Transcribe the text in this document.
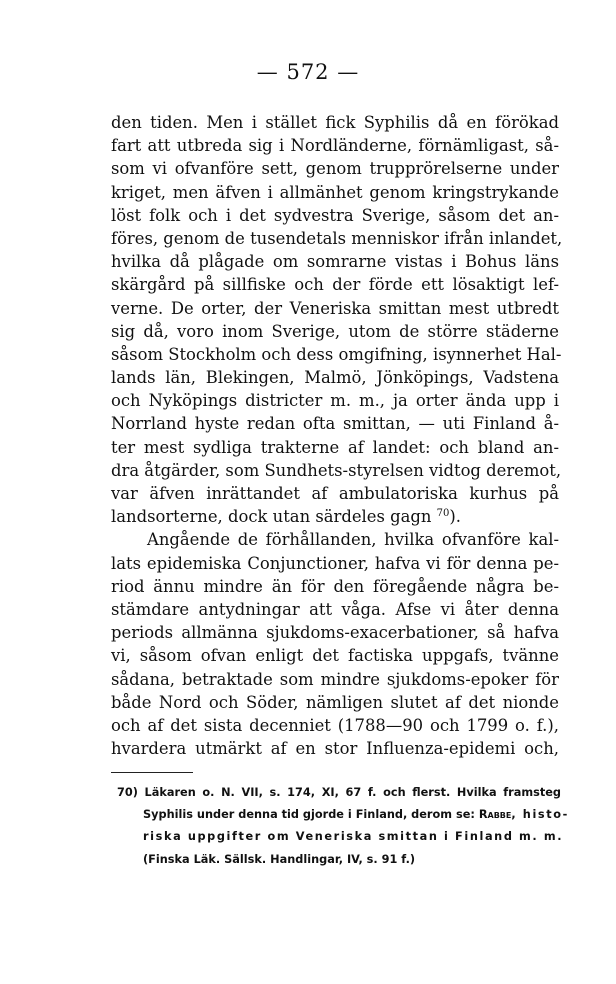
— 572 —
den tiden. Men i stället fick Syphilis då en förökad
fart att utbreda sig i Nordländerne, förnämligast, så-
som vi ofvanföre sett, genom trupprörelserne under
kriget, men äfven i allmänhet genom kringstrykande
löst folk och i det sydvestra Sverige, såsom det an-
föres, genom de tusendetals menniskor ifrån inlandet,
hvilka då plågade om somrarne vistas i Bohus läns
skärgård på sillfiske och der förde ett lösaktigt lef-
verne. De orter, der Veneriska smittan mest utbredt
sig då, voro inom Sverige, utom de större städerne
såsom Stockholm och dess omgifning, isynnerhet Hal-
lands län, Blekingen, Malmö, Jönköpings, Vadstena
och Nyköpings districter m. m., ja orter ända upp i
Norrland hyste redan ofta smittan, — uti Finland å-
ter mest sydliga trakterne af landet: och bland an-
dra åtgärder, som Sundhets-styrelsen vidtog deremot,
var äfven inrättandet af ambulatoriska kurhus på
landsorterne, dock utan särdeles gagn $^{70}$).
Angående de förhållanden, hvilka ofvanföre kal-
lats epidemiska Conjunctioner, hafva vi för denna pe-
riod ännu mindre än för den föregående några be-
stämdare antydningar att våga. Afse vi åter denna
periods allmänna sjukdoms-exacerbationer, så hafva
vi, såsom ofvan enligt det factiska uppgafs, tvänne
sådana, betraktade som mindre sjukdoms-epoker för
både Nord och Söder, nämligen slutet af det nionde
och af det sista decenniet (1788—90 och 1799 o. f.),
hvardera utmärkt af en stor Influenza-epidemi och,
70) Läkaren o. N. VII, s. 174, XI, 67 f. och flerst. Hvilka framsteg
Syphilis under denna tid gjorde i Finland, derom se: Rabbe, histo-
riska uppgifter om Veneriska smittan i Finland m. m.
(Finska Läk. Sällsk. Handlingar, IV, s. 91 f.)
